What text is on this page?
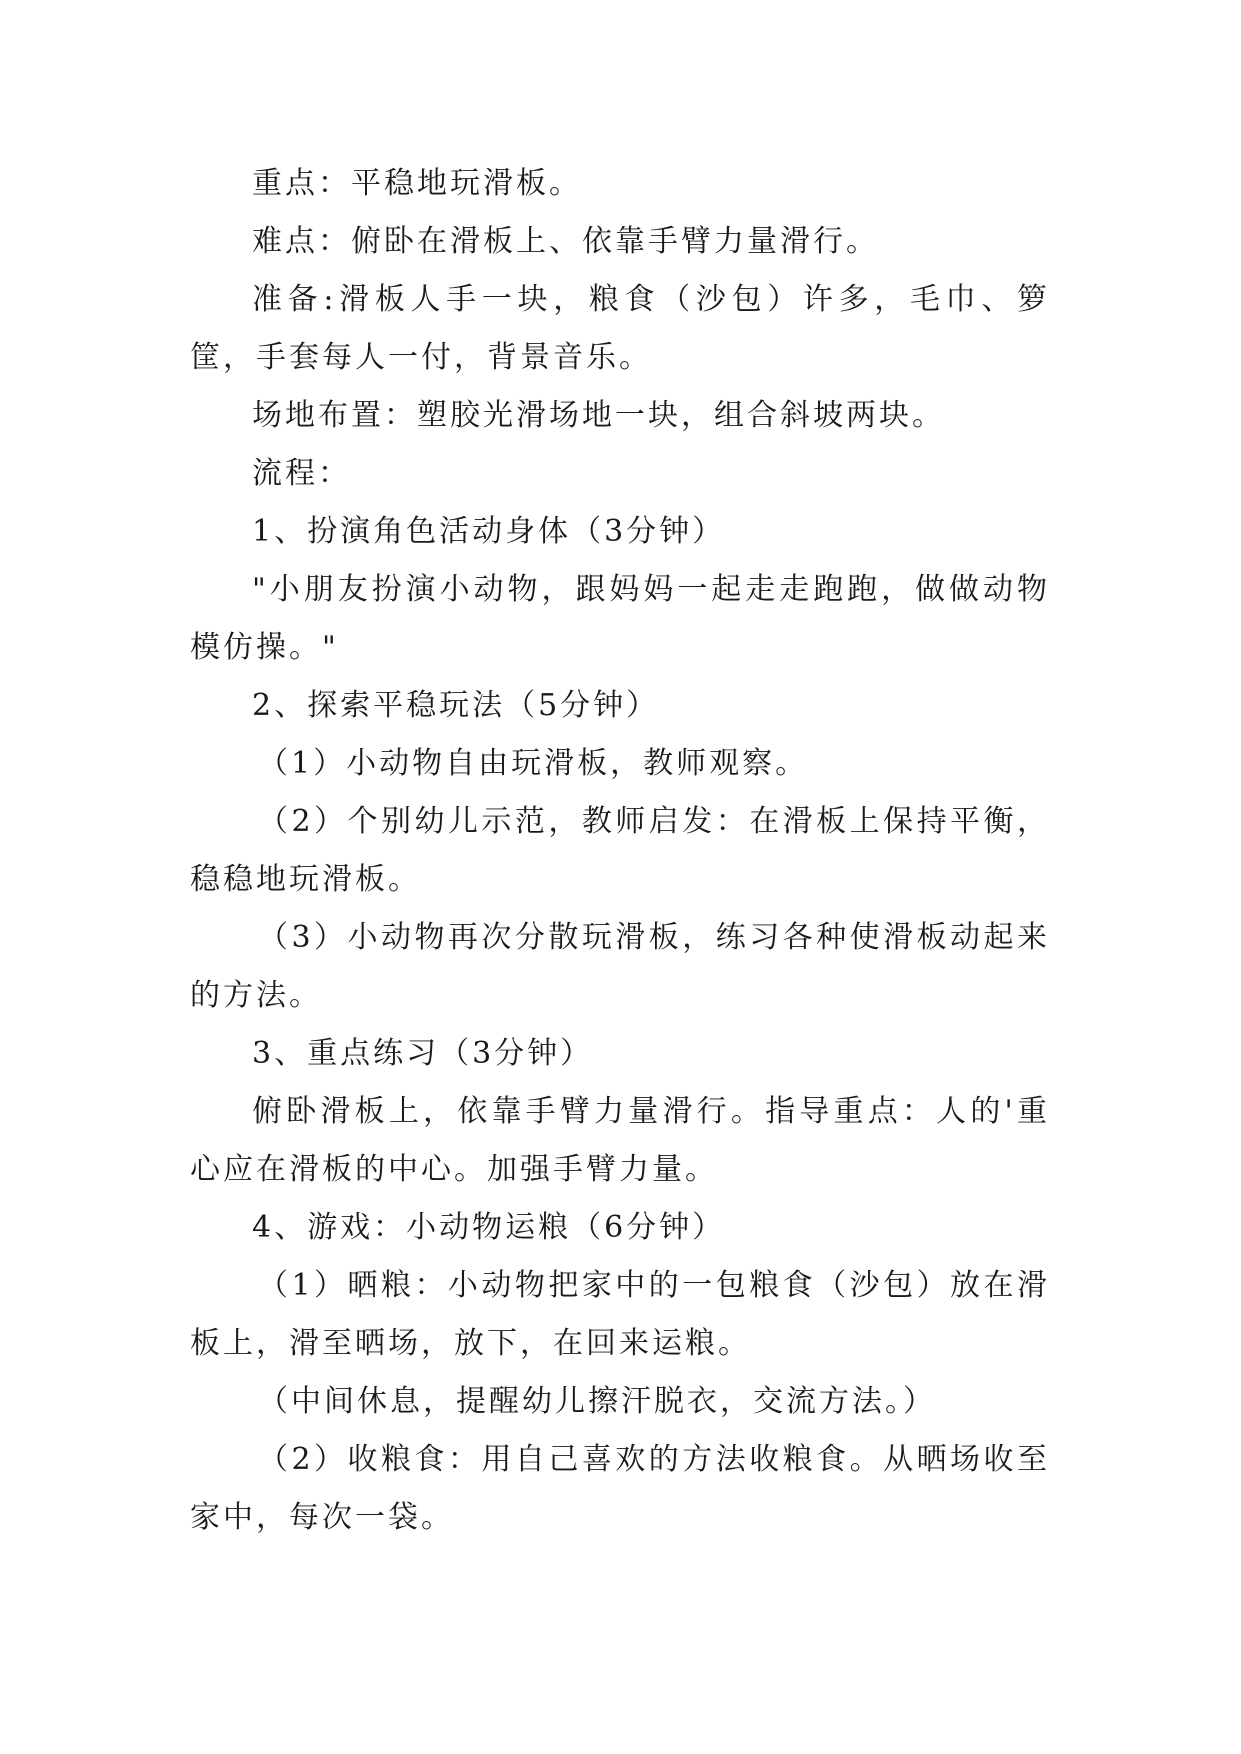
重点：平稳地玩滑板。

难点：俯卧在滑板上、依靠手臂力量滑行。

准备:滑板人手一块，粮食（沙包）许多，毛巾、箩筐，手套每人一付，背景音乐。

场地布置：塑胶光滑场地一块，组合斜坡两块。

流程：

1、扮演角色活动身体（3分钟）

"小朋友扮演小动物，跟妈妈一起走走跑跑，做做动物模仿操。"

2、探索平稳玩法（5分钟）

（1）小动物自由玩滑板，教师观察。

（2）个别幼儿示范，教师启发：在滑板上保持平衡，稳稳地玩滑板。

（3）小动物再次分散玩滑板，练习各种使滑板动起来的方法。

3、重点练习（3分钟）

俯卧滑板上，依靠手臂力量滑行。指导重点：人的'重心应在滑板的中心。加强手臂力量。

4、游戏：小动物运粮（6分钟）

（1）晒粮：小动物把家中的一包粮食（沙包）放在滑板上，滑至晒场，放下，在回来运粮。

（中间休息，提醒幼儿擦汗脱衣，交流方法。）

（2）收粮食：用自己喜欢的方法收粮食。从晒场收至家中，每次一袋。
